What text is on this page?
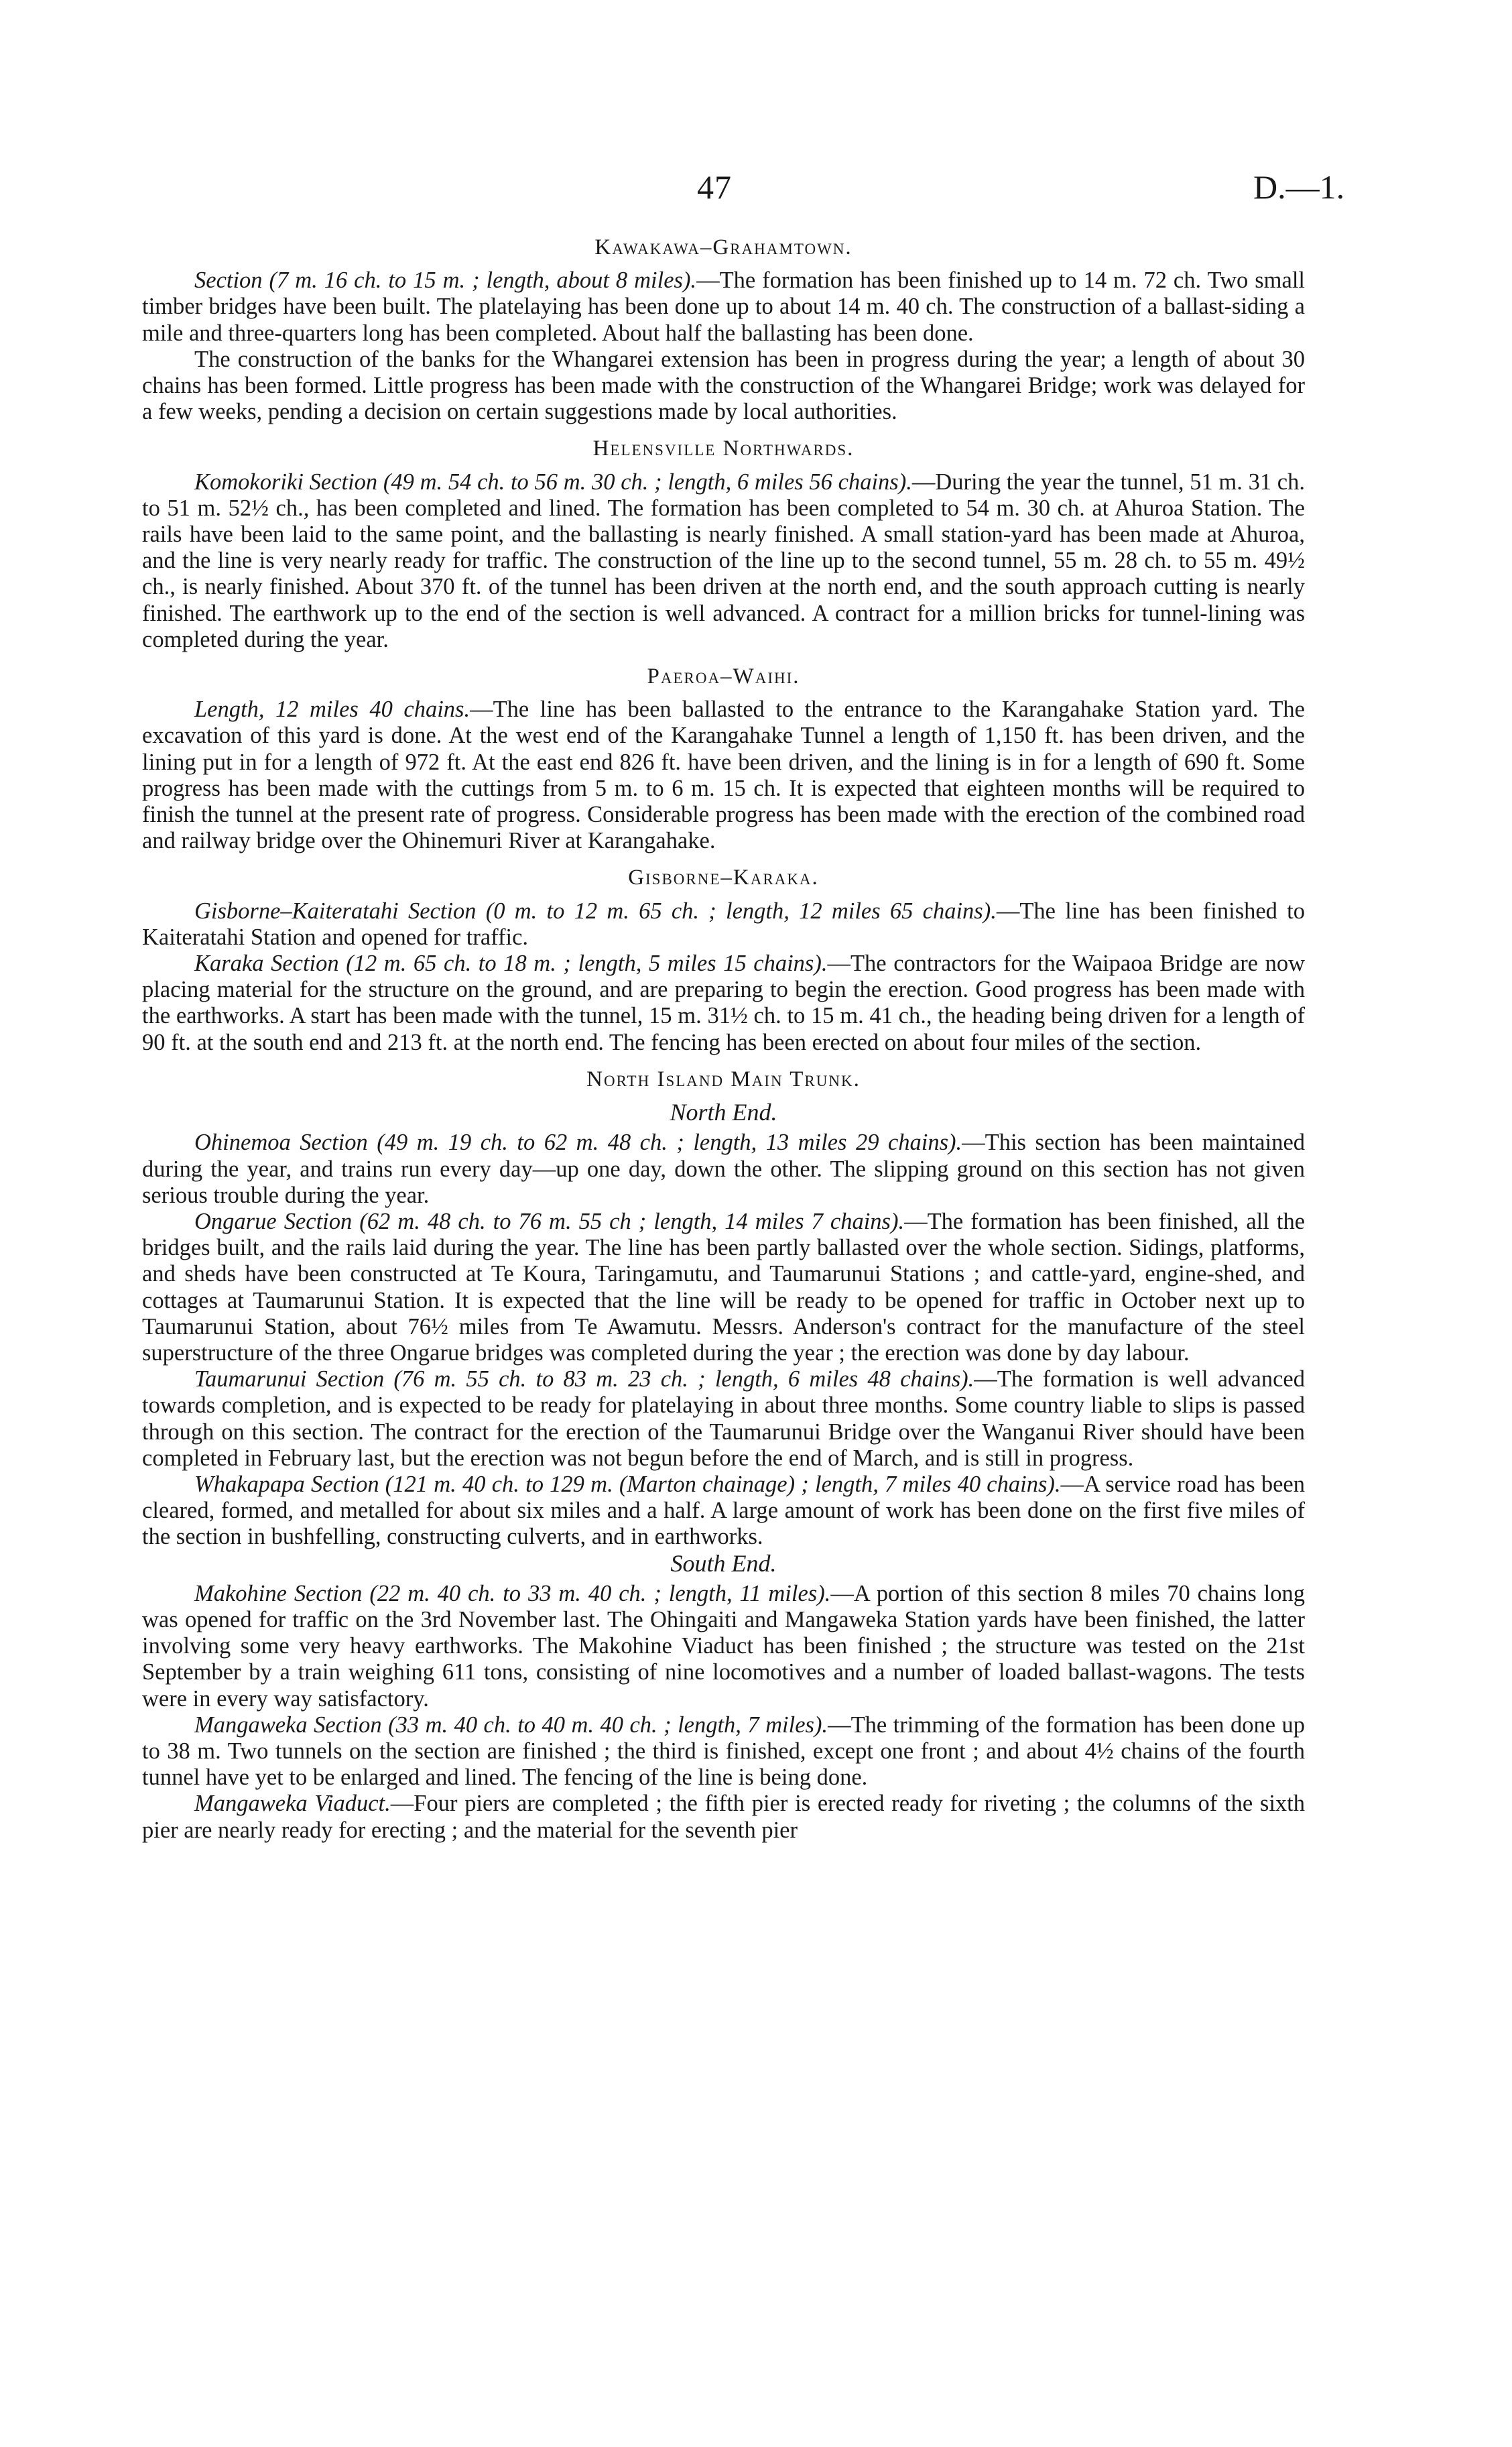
47	D.—1.
Kawakawa–Grahamtown.

Section (7 m. 16 ch. to 15 m. ; length, about 8 miles).—The formation has been finished up to 14 m. 72 ch. Two small timber bridges have been built. The platelaying has been done up to about 14 m. 40 ch. The construction of a ballast-siding a mile and three-quarters long has been completed. About half the ballasting has been done.

The construction of the banks for the Whangarei extension has been in progress during the year; a length of about 30 chains has been formed. Little progress has been made with the construction of the Whangarei Bridge; work was delayed for a few weeks, pending a decision on certain suggestions made by local authorities.

Helensville Northwards.

Komokoriki Section (49 m. 54 ch. to 56 m. 30 ch. ; length, 6 miles 56 chains).—During the year the tunnel, 51 m. 31 ch. to 51 m. 52½ ch., has been completed and lined. The formation has been completed to 54 m. 30 ch. at Ahuroa Station. The rails have been laid to the same point, and the ballasting is nearly finished. A small station-yard has been made at Ahuroa, and the line is very nearly ready for traffic. The construction of the line up to the second tunnel, 55 m. 28 ch. to 55 m. 49½ ch., is nearly finished. About 370 ft. of the tunnel has been driven at the north end, and the south approach cutting is nearly finished. The earthwork up to the end of the section is well advanced. A contract for a million bricks for tunnel-lining was completed during the year.

Paeroa–Waihi.

Length, 12 miles 40 chains.—The line has been ballasted to the entrance to the Karangahake Station yard. The excavation of this yard is done. At the west end of the Karangahake Tunnel a length of 1,150 ft. has been driven, and the lining put in for a length of 972 ft. At the east end 826 ft. have been driven, and the lining is in for a length of 690 ft. Some progress has been made with the cuttings from 5 m. to 6 m. 15 ch. It is expected that eighteen months will be required to finish the tunnel at the present rate of progress. Considerable progress has been made with the erection of the combined road and railway bridge over the Ohinemuri River at Karangahake.

Gisborne–Karaka.

Gisborne–Kaiteratahi Section (0 m. to 12 m. 65 ch. ; length, 12 miles 65 chains).—The line has been finished to Kaiteratahi Station and opened for traffic.

Karaka Section (12 m. 65 ch. to 18 m. ; length, 5 miles 15 chains).—The contractors for the Waipaoa Bridge are now placing material for the structure on the ground, and are preparing to begin the erection. Good progress has been made with the earthworks. A start has been made with the tunnel, 15 m. 31½ ch. to 15 m. 41 ch., the heading being driven for a length of 90 ft. at the south end and 213 ft. at the north end. The fencing has been erected on about four miles of the section.

North Island Main Trunk.
North End.

Ohinemoa Section (49 m. 19 ch. to 62 m. 48 ch. ; length, 13 miles 29 chains).—This section has been maintained during the year, and trains run every day—up one day, down the other. The slipping ground on this section has not given serious trouble during the year.

Ongarue Section (62 m. 48 ch. to 76 m. 55 ch ; length, 14 miles 7 chains).—The formation has been finished, all the bridges built, and the rails laid during the year. The line has been partly ballasted over the whole section. Sidings, platforms, and sheds have been constructed at Te Koura, Taringamutu, and Taumarunui Stations ; and cattle-yard, engine-shed, and cottages at Taumarunui Station. It is expected that the line will be ready to be opened for traffic in October next up to Taumarunui Station, about 76½ miles from Te Awamutu. Messrs. Anderson's contract for the manufacture of the steel superstructure of the three Ongarue bridges was completed during the year ; the erection was done by day labour.

Taumarunui Section (76 m. 55 ch. to 83 m. 23 ch. ; length, 6 miles 48 chains).—The formation is well advanced towards completion, and is expected to be ready for platelaying in about three months. Some country liable to slips is passed through on this section. The contract for the erection of the Taumarunui Bridge over the Wanganui River should have been completed in February last, but the erection was not begun before the end of March, and is still in progress.

Whakapapa Section (121 m. 40 ch. to 129 m. (Marton chainage) ; length, 7 miles 40 chains).—A service road has been cleared, formed, and metalled for about six miles and a half. A large amount of work has been done on the first five miles of the section in bushfelling, constructing culverts, and in earthworks.

South End.

Makohine Section (22 m. 40 ch. to 33 m. 40 ch. ; length, 11 miles).—A portion of this section 8 miles 70 chains long was opened for traffic on the 3rd November last. The Ohingaiti and Mangaweka Station yards have been finished, the latter involving some very heavy earthworks. The Makohine Viaduct has been finished ; the structure was tested on the 21st September by a train weighing 611 tons, consisting of nine locomotives and a number of loaded ballast-wagons. The tests were in every way satisfactory.

Mangaweka Section (33 m. 40 ch. to 40 m. 40 ch. ; length, 7 miles).—The trimming of the formation has been done up to 38 m. Two tunnels on the section are finished ; the third is finished, except one front ; and about 4½ chains of the fourth tunnel have yet to be enlarged and lined. The fencing of the line is being done.

Mangaweka Viaduct.—Four piers are completed ; the fifth pier is erected ready for riveting ; the columns of the sixth pier are nearly ready for erecting ; and the material for the seventh pier
